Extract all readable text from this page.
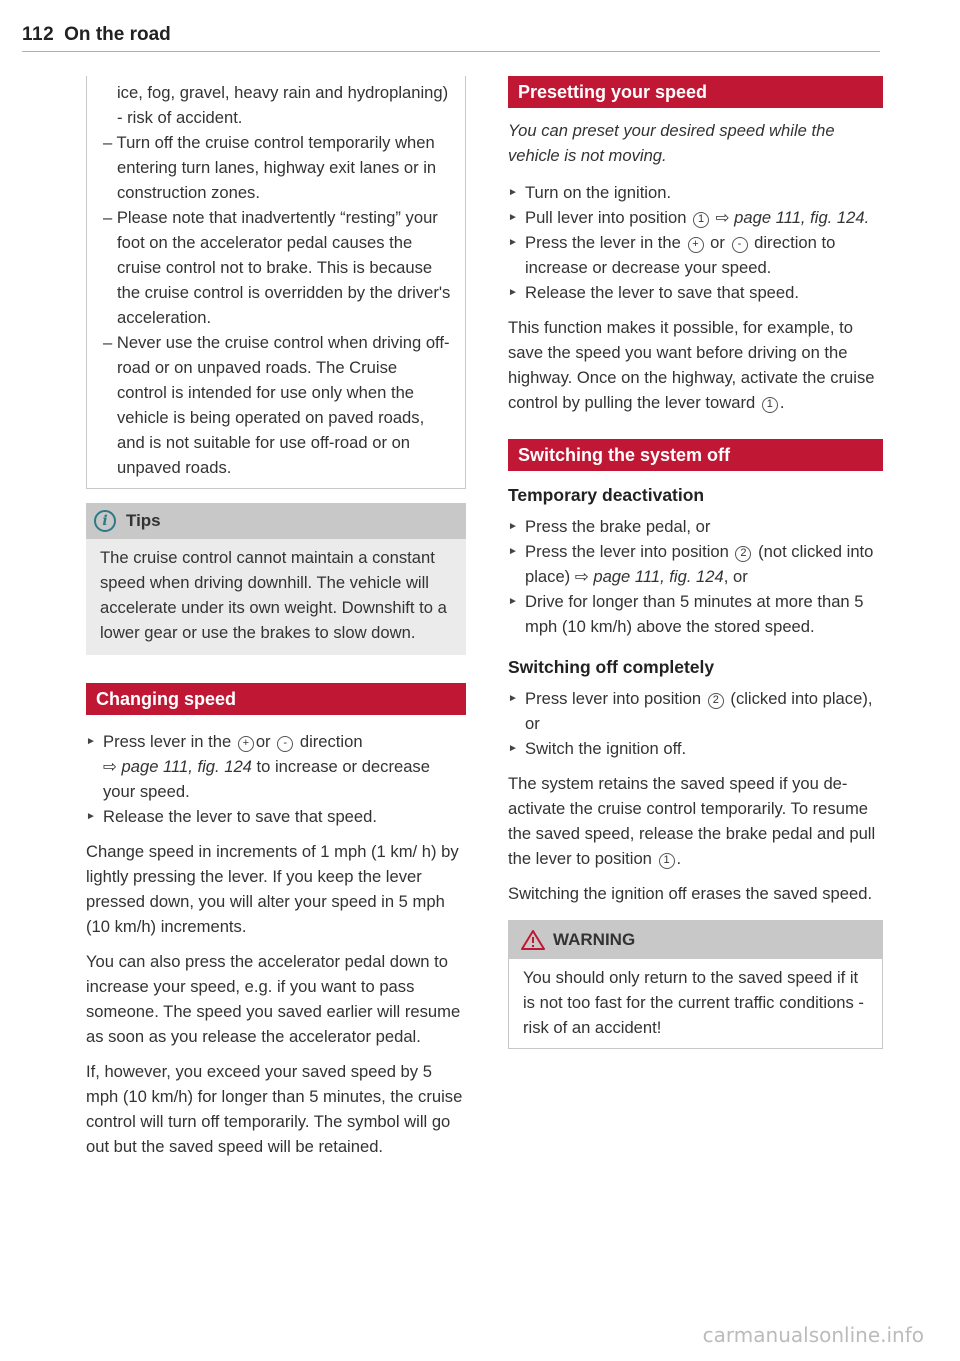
112 On the road

ice, fog, gravel, heavy rain and hydroplaning) - risk of accident.

– Turn off the cruise control temporarily when entering turn lanes, highway exit lanes or in construction zones.
– Please note that inadvertently “resting” your foot on the accelerator pedal causes the cruise control not to brake. This is because the cruise control is overridden by the driver's acceleration.
– Never use the cruise control when driving off-road or on unpaved roads. The Cruise control is intended for use only when the vehicle is being operated on paved roads, and is not suitable for use off-road or on unpaved roads.
i	Tips

The cruise control cannot maintain a constant speed when driving downhill. The vehicle will accelerate under its own weight. Downshift to a lower gear or use the brakes to slow down.

Changing speed
► Press lever in the + or - direction
⇨ page 111, fig. 124 to increase or decrease your speed.
► Release the lever to save that speed.

Change speed in increments of 1 mph (1 km/ h) by lightly pressing the lever. If you keep the lever pressed down, you will alter your speed in 5 mph (10 km/h) increments.

You can also press the accelerator pedal down to increase your speed, e.g. if you want to pass someone. The speed you saved earlier will resume as soon as you release the accelerator pedal.

If, however, you exceed your saved speed by 5 mph (10 km/h) for longer than 5 minutes, the cruise control will turn off temporarily. The symbol will go out but the saved speed will be retained.

Presetting your speed

You can preset your desired speed while the vehicle is not moving.

► Turn on the ignition.
► Pull lever into position 1 ⇨ page 111, fig. 124.
► Press the lever in the + or - direction to increase or decrease your speed.
► Release the lever to save that speed.

This function makes it possible, for example, to save the speed you want before driving on the highway. Once on the highway, activate the cruise control by pulling the lever toward 1 .

Switching the system off
Temporary deactivation
► Press the brake pedal, or
► Press the lever into position 2 (not clicked into place) ⇨ page 111, fig. 124, or
► Drive for longer than 5 minutes at more than 5 mph (10 km/h) above the stored speed.
Switching off completely
► Press lever into position 2 (clicked into place), or
► Switch the ignition off.

The system retains the saved speed if you deactivate the cruise control temporarily. To resume the saved speed, release the brake pedal and pull the lever to position 1 .

Switching the ignition off erases the saved speed.

WARNING

You should only return to the saved speed if it is not too fast for the current traffic conditions - risk of an accident!

carmanualsonline.info
